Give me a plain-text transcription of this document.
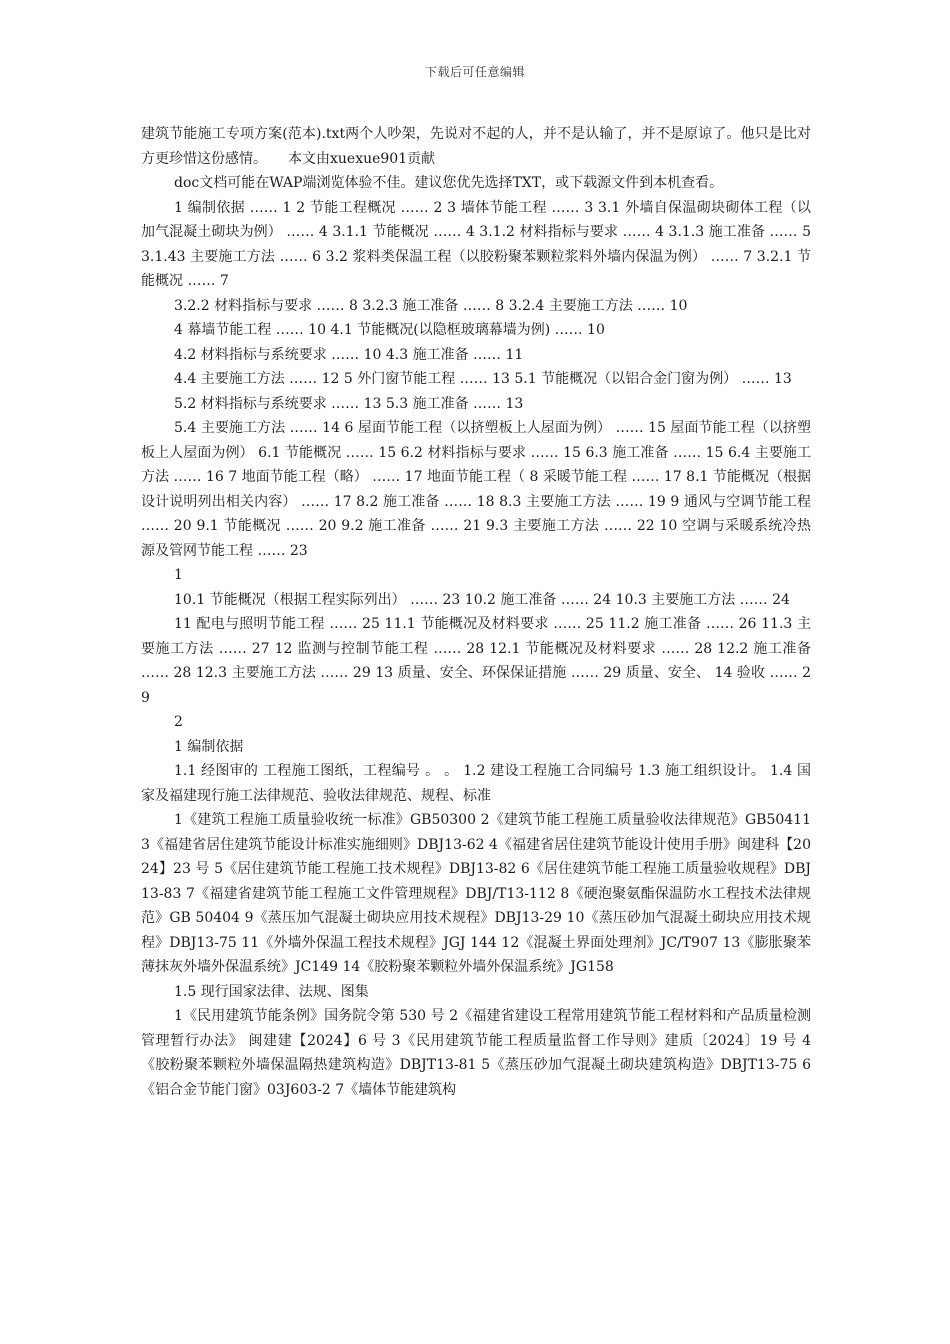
下载后可任意编辑

建筑节能施工专项方案(范本).txt两个人吵架，先说对不起的人，并不是认输了，并不是原谅了。他只是比对方更珍惜这份感情。　　本文由xuexue901贡献

doc文档可能在WAP端浏览体验不佳。建议您优先选择TXT，或下载源文件到本机查看。

1 编制依据 …… 1 2 节能工程概况 …… 2 3 墙体节能工程 …… 3 3.1 外墙自保温砌块砌体工程（以加气混凝土砌块为例） …… 4 3.1.1 节能概况 …… 4 3.1.2 材料指标与要求 …… 4 3.1.3 施工准备 …… 5 3.1.43 主要施工方法 …… 6 3.2 浆料类保温工程（以胶粉聚苯颗粒浆料外墙内保温为例） …… 7 3.2.1 节能概况 …… 7

3.2.2 材料指标与要求 …… 8 3.2.3 施工准备 …… 8 3.2.4 主要施工方法 …… 10

4 幕墙节能工程 …… 10 4.1 节能概况(以隐框玻璃幕墙为例) …… 10

4.2 材料指标与系统要求 …… 10 4.3 施工准备 …… 11

4.4 主要施工方法 …… 12 5 外门窗节能工程 …… 13 5.1 节能概况（以铝合金门窗为例） …… 13

5.2 材料指标与系统要求 …… 13 5.3 施工准备 …… 13

5.4 主要施工方法 …… 14 6 屋面节能工程（以挤塑板上人屋面为例） …… 15 屋面节能工程（以挤塑板上人屋面为例） 6.1 节能概况 …… 15 6.2 材料指标与要求 …… 15 6.3 施工准备 …… 15 6.4 主要施工方法 …… 16 7 地面节能工程（略） …… 17 地面节能工程（ 8 采暖节能工程 …… 17 8.1 节能概况（根据设计说明列出相关内容） …… 17 8.2 施工准备 …… 18 8.3 主要施工方法 …… 19 9 通风与空调节能工程 …… 20 9.1 节能概况 …… 20 9.2 施工准备 …… 21 9.3 主要施工方法 …… 22 10 空调与采暖系统冷热源及管网节能工程 …… 23

1

10.1 节能概况（根据工程实际列出） …… 23 10.2 施工准备 …… 24 10.3 主要施工方法 …… 24

11 配电与照明节能工程 …… 25 11.1 节能概况及材料要求 …… 25 11.2 施工准备 …… 26 11.3 主要施工方法 …… 27 12 监测与控制节能工程 …… 28 12.1 节能概况及材料要求 …… 28 12.2 施工准备 …… 28 12.3 主要施工方法 …… 29 13 质量、安全、环保保证措施 …… 29 质量、安全、 14 验收 …… 29

2

1 编制依据

1.1 经图审的 工程施工图纸，工程编号 。 。 1.2 建设工程施工合同编号 1.3 施工组织设计。 1.4 国家及福建现行施工法律规范、验收法律规范、规程、标准

1《建筑工程施工质量验收统一标准》GB50300 2《建筑节能工程施工质量验收法律规范》GB50411 3《福建省居住建筑节能设计标准实施细则》DBJ13-62 4《福建省居住建筑节能设计使用手册》闽建科【2024】23 号 5《居住建筑节能工程施工技术规程》DBJ13-82 6《居住建筑节能工程施工质量验收规程》DBJ13-83 7《福建省建筑节能工程施工文件管理规程》DBJ/T13-112 8《硬泡聚氨酯保温防水工程技术法律规范》GB 50404 9《蒸压加气混凝土砌块应用技术规程》DBJ13-29 10《蒸压砂加气混凝土砌块应用技术规程》DBJ13-75 11《外墙外保温工程技术规程》JGJ 144 12《混凝土界面处理剂》JC/T907 13《膨胀聚苯薄抹灰外墙外保温系统》JC149 14《胶粉聚苯颗粒外墙外保温系统》JG158

1.5 现行国家法律、法规、图集

1《民用建筑节能条例》国务院令第 530 号 2《福建省建设工程常用建筑节能工程材料和产品质量检测管理暂行办法》 闽建建【2024】6 号 3《民用建筑节能工程质量监督工作导则》建质〔2024〕19 号 4《胶粉聚苯颗粒外墙保温隔热建筑构造》DBJT13-81 5《蒸压砂加气混凝土砌块建筑构造》DBJT13-75 6《铝合金节能门窗》03J603-2 7《墙体节能建筑构
